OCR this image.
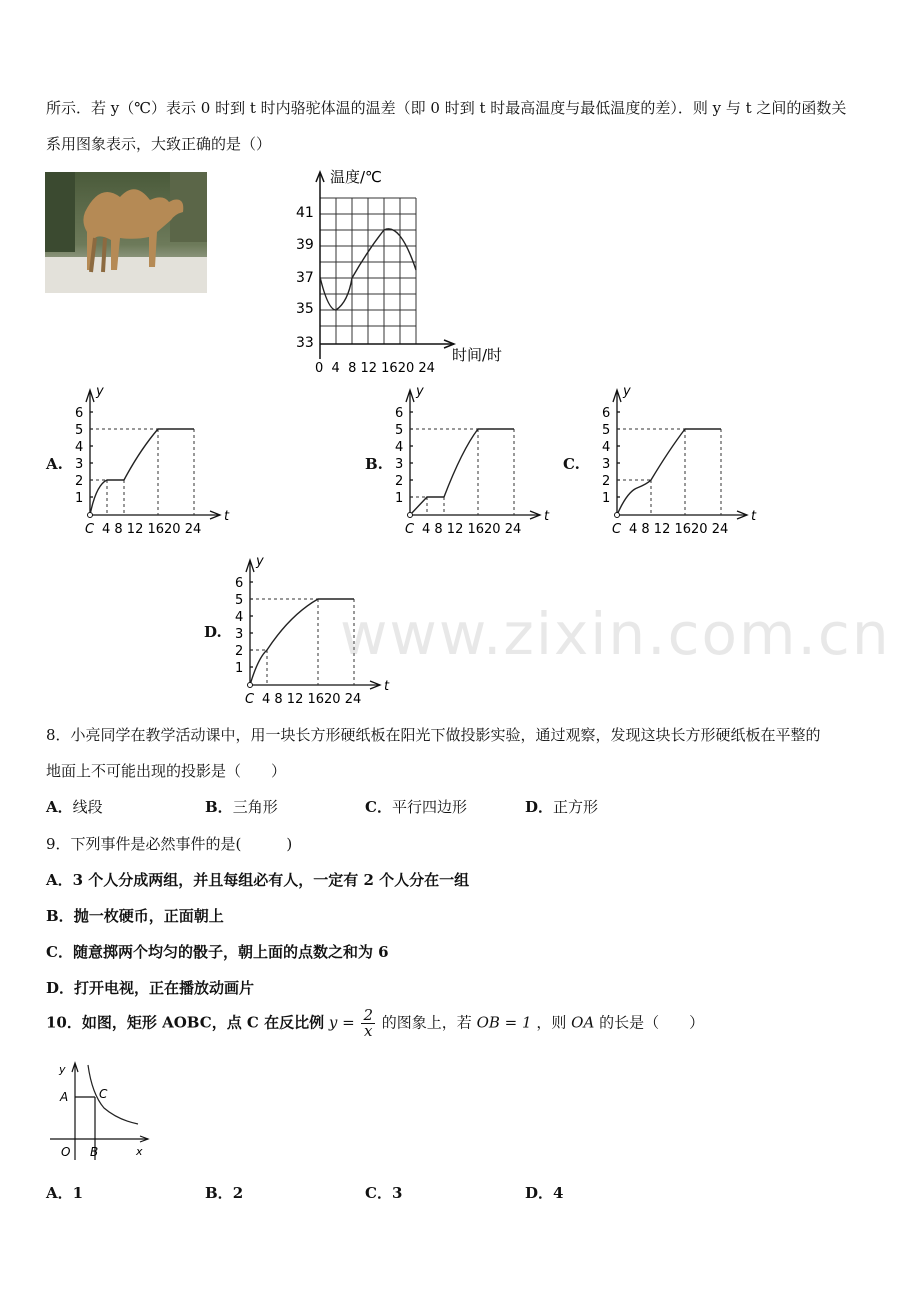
所示．若 y（℃）表示 0 时到 t 时内骆驼体温的温差（即 0 时到 t 时最高温度与最低温度的差）．则 y 与 t 之间的函数关
系用图象表示，大致正确的是（）
温度/℃
时间/时
41
39
37
35
33
0  4  8 12 1620 24
A.
y
t
C 4 8 12 1620 24
6
5
4
3
2
1
B.
y
t
C 4 8 12 1620 24
6
5
4
3
2
1
C.
y
t
C 4 8 12 1620 24
6
5
4
3
2
1
D.
y
t
C 4 8 12 1620 24
6
5
4
3
2
1
www.zixin.com.cn
8．小亮同学在教学活动课中，用一块长方形硬纸板在阳光下做投影实验，通过观察，发现这块长方形硬纸板在平整的
地面上不可能出现的投影是（　　）
A．线段	B．三角形	C．平行四边形	D．正方形
9．下列事件是必然事件的是(　　　)
A．3 个人分成两组，并且每组必有人，一定有 2 个人分在一组
B．抛一枚硬币，正面朝上
C．随意掷两个均匀的骰子，朝上面的点数之和为 6
D．打开电视，正在播放动画片
10．如图，矩形 AOBC，点 C 在反比例 $y = \frac{2}{x}$ 的图象上，若 OB = 1 ，则 OA 的长是（　　）
y
A	C
O B	x
A．1	B．2	C．3	D．4
